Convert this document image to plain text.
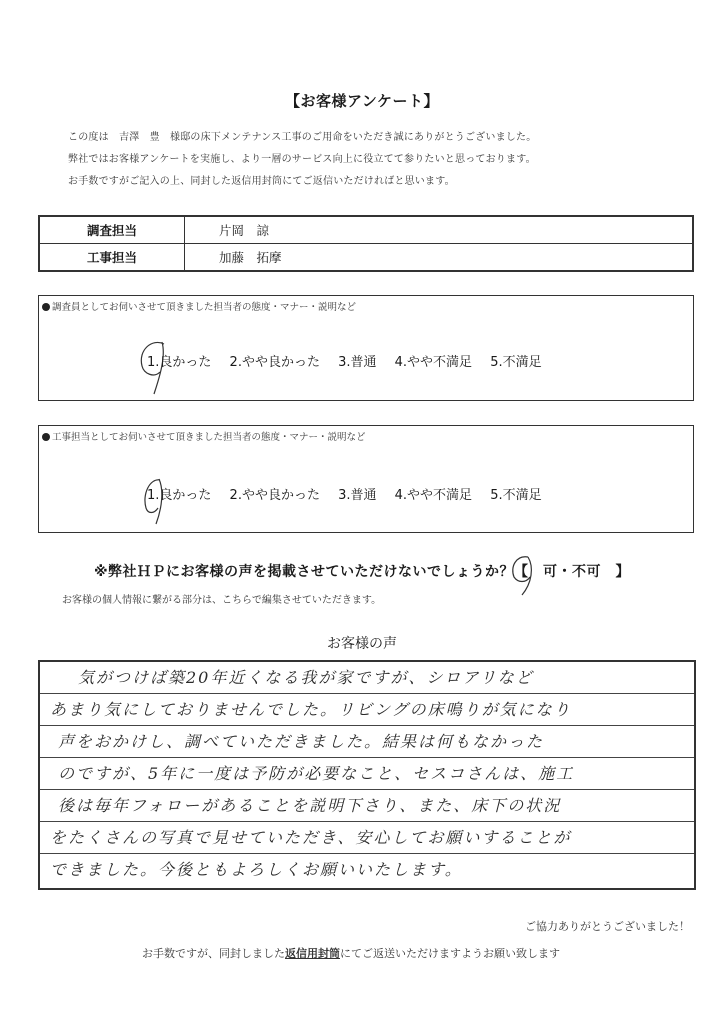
【お客様アンケート】
この度は　吉澤　豊　様邸の床下メンテナンス工事のご用命をいただき誠にありがとうございました。
弊社ではお客様アンケートを実施し、より一層のサービス向上に役立てて参りたいと思っております。
お手数ですがご記入の上、同封した返信用封筒にてご返信いただければと思います。
調査担当	片岡　諒
工事担当	加藤　拓摩
調査員としてお伺いさせて頂きました担当者の態度・マナー・説明など
1.良かった 2.やや良かった 3.普通 4.やや不満足 5.不満足
工事担当としてお伺いさせて頂きました担当者の態度・マナー・説明など
1.良かった 2.やや良かった 3.普通 4.やや不満足 5.不満足
※弊社ＨＰにお客様の声を掲載させていただけないでしょうか？【　可・不可　】
お客様の個人情報に繋がる部分は、こちらで編集させていただきます。
お客様の声
気がつけば築20年近くなる我が家ですが、シロアリなど
あまり気にしておりませんでした。リビングの床鳴りが気になり
声をおかけし、調べていただきました。結果は何もなかった
のですが、5年に一度は予防が必要なこと、セスコさんは、施工
後は毎年フォローがあることを説明下さり、また、床下の状況
をたくさんの写真で見せていただき、安心してお願いすることが
できました。今後ともよろしくお願いいたします。
ご協力ありがとうございました！
お手数ですが、同封しました返信用封筒にてご返送いただけますようお願い致します
